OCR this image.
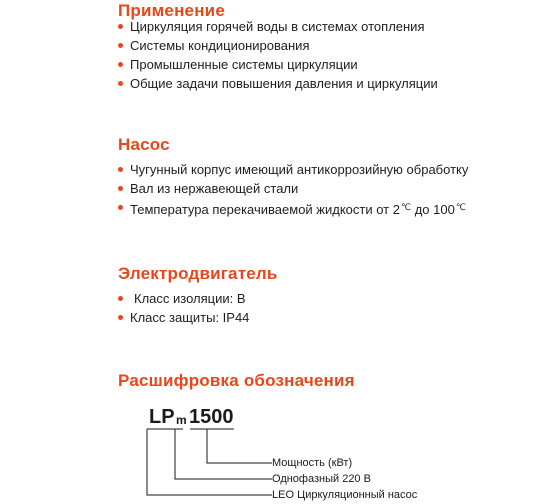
Применение
Циркуляция горячей воды в системах отопления
Системы кондиционирования
Промышленные системы циркуляции
Общие задачи повышения давления и циркуляции
Насос
Чугунный корпус имеющий антикоррозийную обработку
Вал из нержавеющей стали
Температура перекачиваемой жидкости от 2℃ до 100℃
Электродвигатель
Класс изоляции: B
Класс защиты: IP44
Расшифровка обозначения
LP m 1500
Мощность (кВт)
Однофазный 220 В
LEO Циркуляционный насос
